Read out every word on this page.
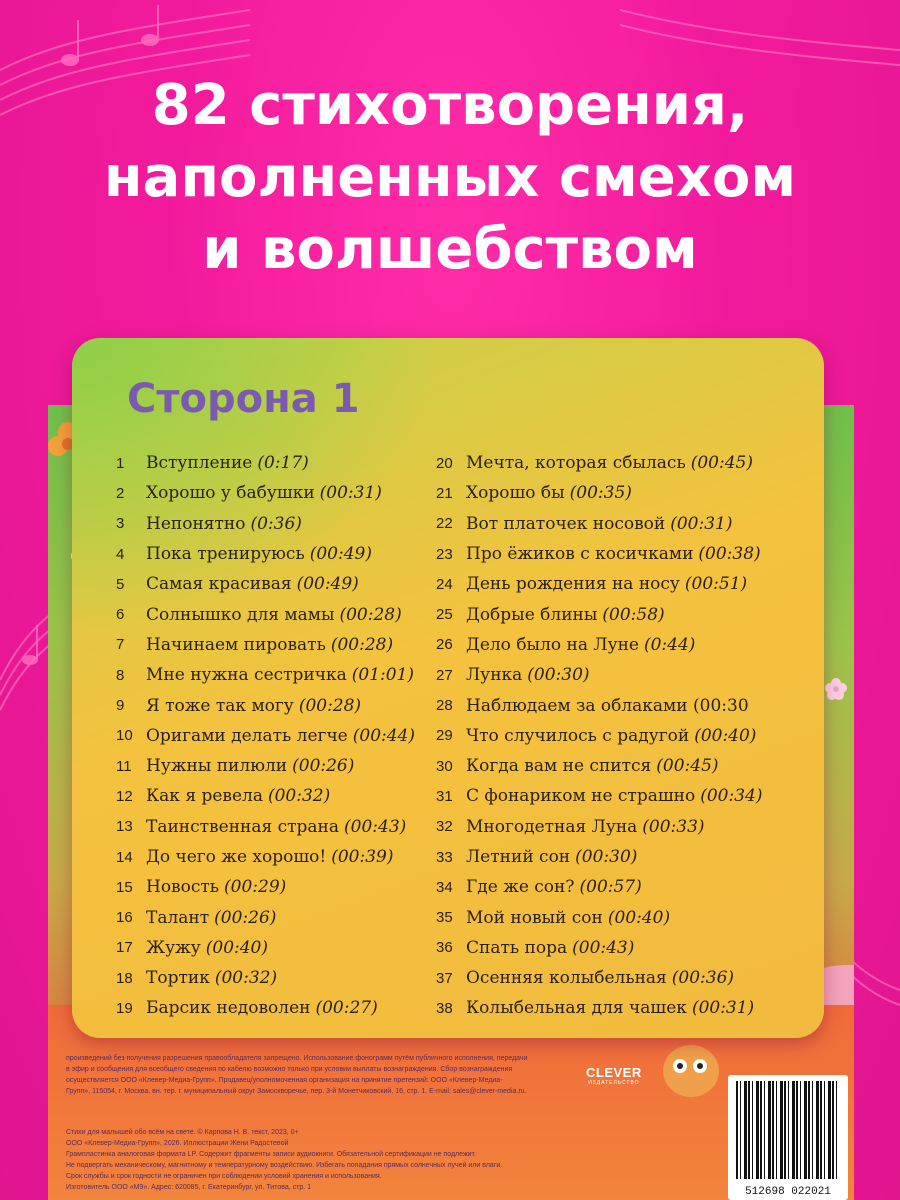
82 стихотворения,
наполненных смехом
и волшебством
произведений без получения разрешения правообладателя запрещено. Использование фонограмм путём публичного исполнения, передачи
в эфир и сообщения для всеобщего сведения по кабелю возможно только при условии выплаты вознаграждения. Сбор вознаграждения
осуществляется ООО «Клевер-Медиа-Групп». Продавец/уполномоченная организация на принятие претензий: ООО «Клевер-Медиа-
Групп», 115054, г. Москва, вн. тер. г. муниципальный округ Замоскворечье, пер. 3-й Монетчиковский, 16, стр. 1. E-mail: sales@clever-media.ru.
Стихи для малышей обо всём на свете. © Карпова Н. В. текст, 2023, 0+
ООО «Клевер-Медиа-Групп», 2026. Иллюстрации Жени Радостевой
Грампластинка аналоговая формата LP. Содержит фрагменты записи аудиокниги. Обязательной сертификации не подлежит.
Не подвергать механическому, магнитному и температурному воздействию. Избегать попадания прямых солнечных лучей или влаги.
Срок службы и срок годности не ограничен при соблюдении условий хранения и использования.
Изготовитель ООО «М9». Адрес: 620085, г. Екатеринбург, ул. Титова, стр. 1
CLEVER
ИЗДАТЕЛЬСТВО
512698 022021
Сторона 1
1	Вступление (0:17)
2	Хорошо у бабушки (00:31)
3	Непонятно (0:36)
4	Пока тренируюсь (00:49)
5	Самая красивая (00:49)
6	Солнышко для мамы (00:28)
7	Начинаем пировать (00:28)
8	Мне нужна сестричка (01:01)
9	Я тоже так могу (00:28)
10 Оригами делать легче (00:44)
11 Нужны пилюли (00:26)
12 Как я ревела (00:32)
13 Таинственная страна (00:43)
14 До чего же хорошо! (00:39)
15 Новость (00:29)
16 Талант (00:26)
17 Жужу (00:40)
18 Тортик (00:32)
19 Барсик недоволен (00:27)
20 Мечта, которая сбылась (00:45)
21 Хорошо бы (00:35)
22 Вот платочек носовой (00:31)
23 Про ёжиков с косичками (00:38)
24 День рождения на носу (00:51)
25 Добрые блины (00:58)
26 Дело было на Луне (0:44)
27 Лунка (00:30)
28 Наблюдаем за облаками (00:30
29 Что случилось с радугой (00:40)
30 Когда вам не спится (00:45)
31 С фонариком не страшно (00:34)
32 Многодетная Луна (00:33)
33 Летний сон (00:30)
34 Где же сон? (00:57)
35 Мой новый сон (00:40)
36 Спать пора (00:43)
37 Осенняя колыбельная (00:36)
38 Колыбельная для чашек (00:31)
